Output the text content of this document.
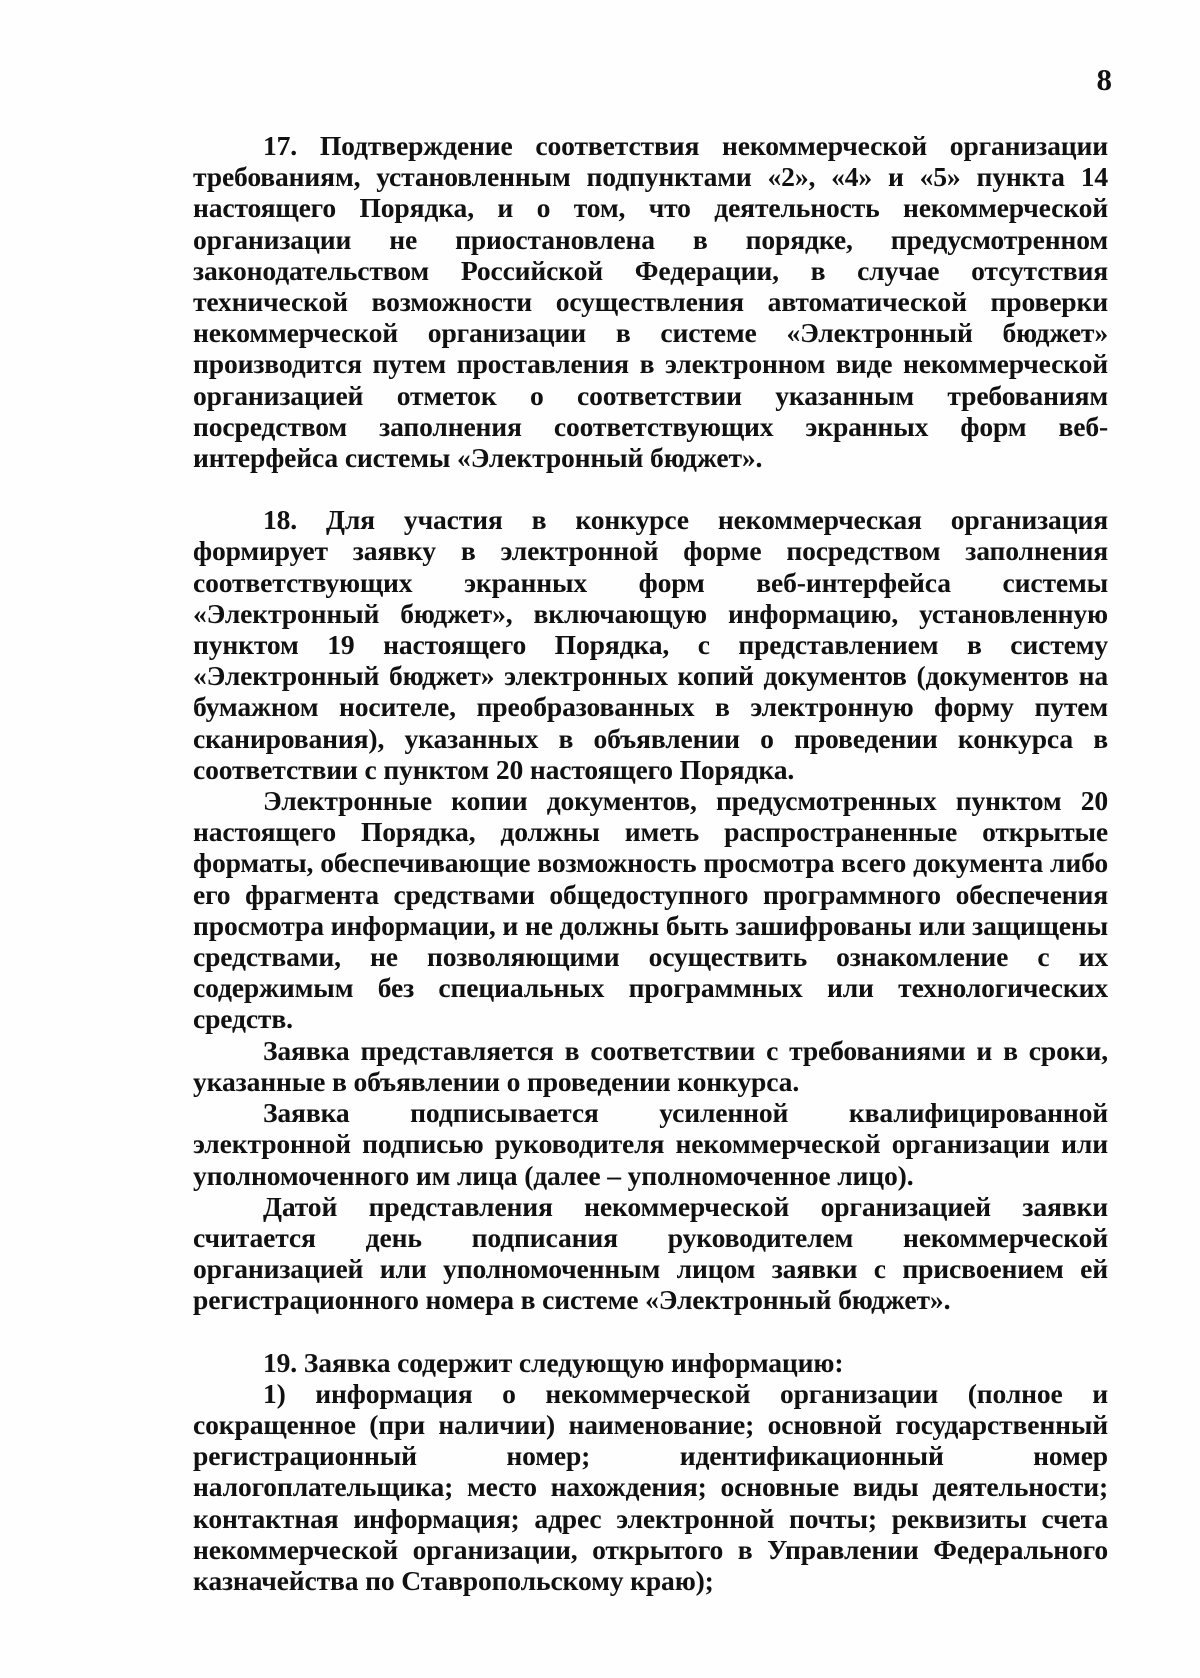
8

17. Подтверждение соответствия некоммерческой организации требованиям, установленным подпунктами «2», «4» и «5» пункта 14 настоящего Порядка, и о том, что деятельность некоммерческой организации не приостановлена в порядке, предусмотренном законодательством Российской Федерации, в случае отсутствия технической возможности осуществления автоматической проверки некоммерческой организации в системе «Электронный бюджет» производится путем проставления в электронном виде некоммерческой организацией отметок о соответствии указанным требованиям посредством заполнения соответствующих экранных форм веб-интерфейса системы «Электронный бюджет».

18. Для участия в конкурсе некоммерческая организация формирует заявку в электронной форме посредством заполнения соответствующих экранных форм веб-интерфейса системы «Электронный бюджет», включающую информацию, установленную пунктом 19 настоящего Порядка, с представлением в систему «Электронный бюджет» электронных копий документов (документов на бумажном носителе, преобразованных в электронную форму путем сканирования), указанных в объявлении о проведении конкурса в соответствии с пунктом 20 настоящего Порядка.

Электронные копии документов, предусмотренных пунктом 20 настоящего Порядка, должны иметь распространенные открытые форматы, обеспечивающие возможность просмотра всего документа либо его фрагмента средствами общедоступного программного обеспечения просмотра информации, и не должны быть зашифрованы или защищены средствами, не позволяющими осуществить ознакомление с их содержимым без специальных программных или технологических средств.

Заявка представляется в соответствии с требованиями и в сроки, указанные в объявлении о проведении конкурса.

Заявка подписывается усиленной квалифицированной электронной подписью руководителя некоммерческой организации или уполномоченного им лица (далее – уполномоченное лицо).

Датой представления некоммерческой организацией заявки считается день подписания руководителем некоммерческой организацией или уполномоченным лицом заявки с присвоением ей регистрационного номера в системе «Электронный бюджет».

19. Заявка содержит следующую информацию:

1) информация о некоммерческой организации (полное и сокращенное (при наличии) наименование; основной государственный регистрационный номер; идентификационный номер налогоплательщика; место нахождения; основные виды деятельности; контактная информация; адрес электронной почты; реквизиты счета некоммерческой организации, открытого в Управлении Федерального казначейства по Ставропольскому краю);
